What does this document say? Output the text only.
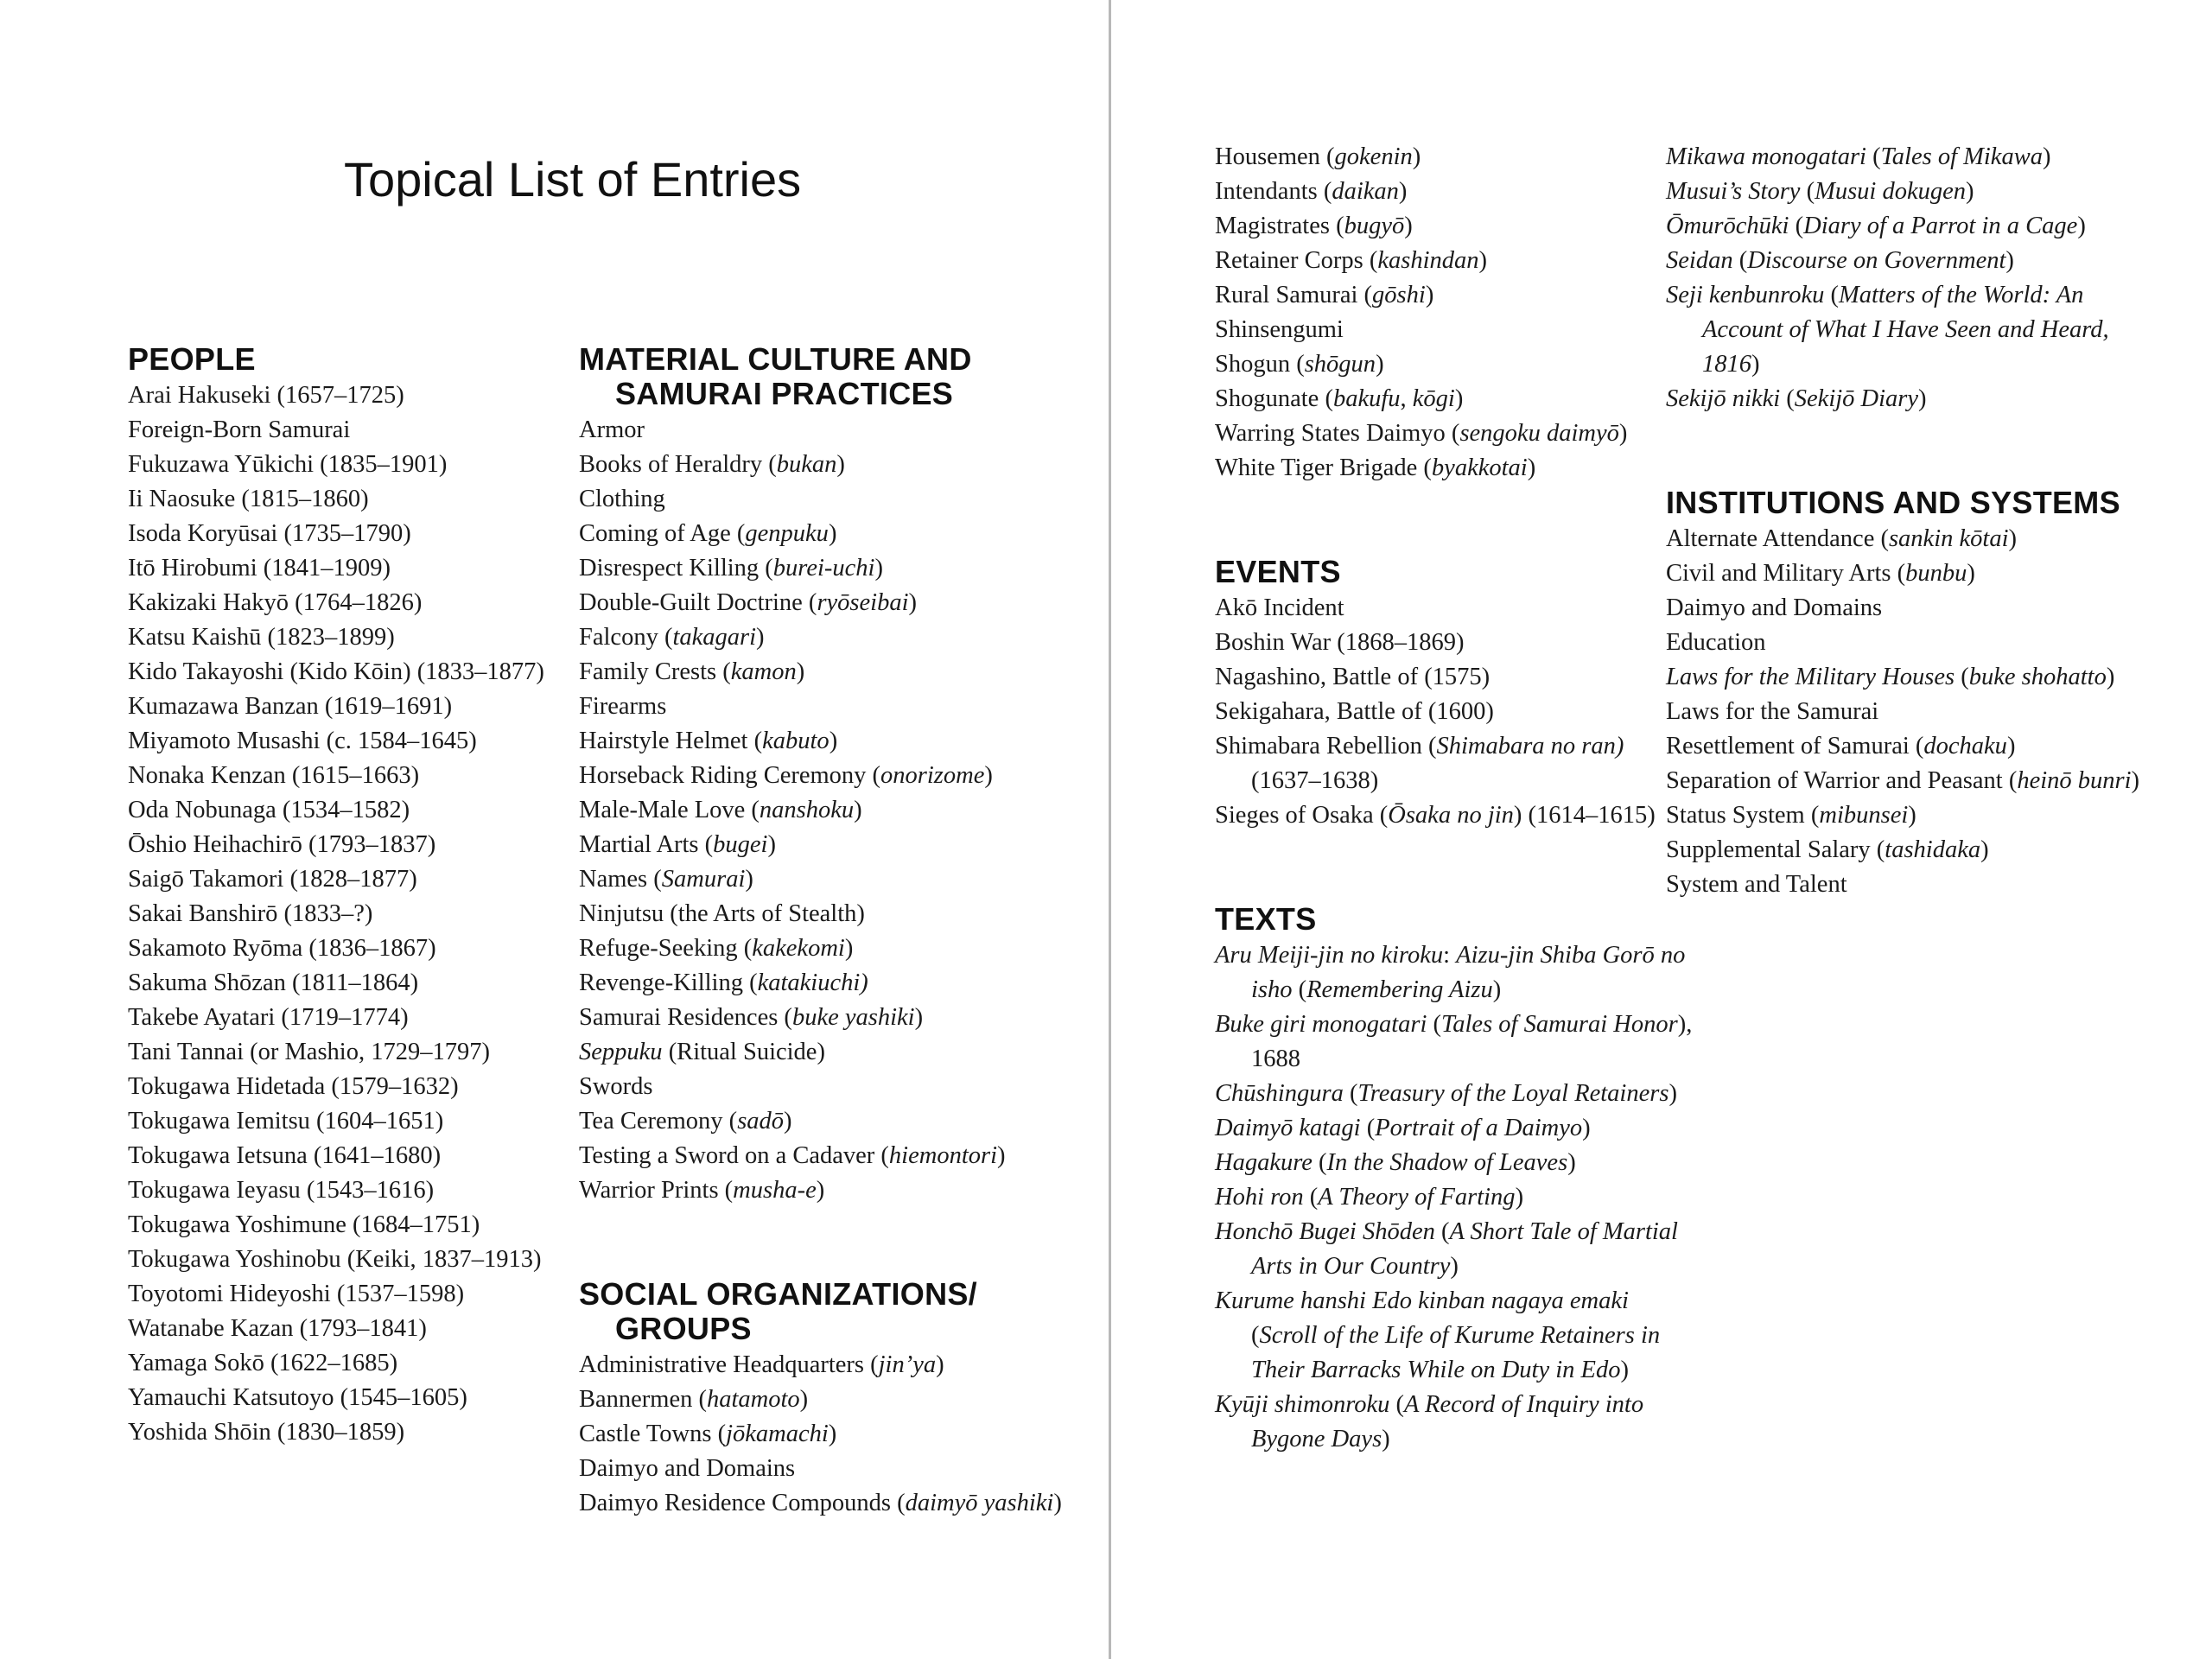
Topical List of Entries
PEOPLE
Arai Hakuseki (1657–1725)
Foreign-Born Samurai
Fukuzawa Yūkichi (1835–1901)
Ii Naosuke (1815–1860)
Isoda Koryūsai (1735–1790)
Itō Hirobumi (1841–1909)
Kakizaki Hakyō (1764–1826)
Katsu Kaishū (1823–1899)
Kido Takayoshi (Kido Kōin) (1833–1877)
Kumazawa Banzan (1619–1691)
Miyamoto Musashi (c. 1584–1645)
Nonaka Kenzan (1615–1663)
Oda Nobunaga (1534–1582)
Ōshio Heihachirō (1793–1837)
Saigō Takamori (1828–1877)
Sakai Banshirō (1833–?)
Sakamoto Ryōma (1836–1867)
Sakuma Shōzan (1811–1864)
Takebe Ayatari (1719–1774)
Tani Tannai (or Mashio, 1729–1797)
Tokugawa Hidetada (1579–1632)
Tokugawa Iemitsu (1604–1651)
Tokugawa Ietsuna (1641–1680)
Tokugawa Ieyasu (1543–1616)
Tokugawa Yoshimune (1684–1751)
Tokugawa Yoshinobu (Keiki, 1837–1913)
Toyotomi Hideyoshi (1537–1598)
Watanabe Kazan (1793–1841)
Yamaga Sokō (1622–1685)
Yamauchi Katsutoyo (1545–1605)
Yoshida Shōin (1830–1859)
MATERIAL CULTURE AND
SAMURAI PRACTICES
Armor
Books of Heraldry (bukan)
Clothing
Coming of Age (genpuku)
Disrespect Killing (burei-uchi)
Double-Guilt Doctrine (ryōseibai)
Falcony (takagari)
Family Crests (kamon)
Firearms
Hairstyle Helmet (kabuto)
Horseback Riding Ceremony (onorizome)
Male-Male Love (nanshoku)
Martial Arts (bugei)
Names (Samurai)
Ninjutsu (the Arts of Stealth)
Refuge-Seeking (kakekomi)
Revenge-Killing (katakiuchi)
Samurai Residences (buke yashiki)
Seppuku (Ritual Suicide)
Swords
Tea Ceremony (sadō)
Testing a Sword on a Cadaver (hiemontori)
Warrior Prints (musha-e)
SOCIAL ORGANIZATIONS/
GROUPS
Administrative Headquarters (jin’ya)
Bannermen (hatamoto)
Castle Towns (jōkamachi)
Daimyo and Domains
Daimyo Residence Compounds (daimyō yashiki)
Housemen (gokenin)
Intendants (daikan)
Magistrates (bugyō)
Retainer Corps (kashindan)
Rural Samurai (gōshi)
Shinsengumi
Shogun (shōgun)
Shogunate (bakufu, kōgi)
Warring States Daimyo (sengoku daimyō)
White Tiger Brigade (byakkotai)
EVENTS
Akō Incident
Boshin War (1868–1869)
Nagashino, Battle of (1575)
Sekigahara, Battle of (1600)
Shimabara Rebellion (Shimabara no ran) (1637–1638)
Sieges of Osaka (Ōsaka no jin) (1614–1615)
TEXTS
Aru Meiji-jin no kiroku: Aizu-jin Shiba Gorō no isho (Remembering Aizu)
Buke giri monogatari (Tales of Samurai Honor), 1688
Chūshingura (Treasury of the Loyal Retainers)
Daimyō katagi (Portrait of a Daimyo)
Hagakure (In the Shadow of Leaves)
Hohi ron (A Theory of Farting)
Honchō Bugei Shōden (A Short Tale of Martial Arts in Our Country)
Kurume hanshi Edo kinban nagaya emaki (Scroll of the Life of Kurume Retainers in Their Barracks While on Duty in Edo)
Kyūji shimonroku (A Record of Inquiry into Bygone Days)
Mikawa monogatari (Tales of Mikawa)
Musui’s Story (Musui dokugen)
Ōmurōchūki (Diary of a Parrot in a Cage)
Seidan (Discourse on Government)
Seji kenbunroku (Matters of the World: An Account of What I Have Seen and Heard, 1816)
Sekijō nikki (Sekijō Diary)
INSTITUTIONS AND SYSTEMS
Alternate Attendance (sankin kōtai)
Civil and Military Arts (bunbu)
Daimyo and Domains
Education
Laws for the Military Houses (buke shohatto)
Laws for the Samurai
Resettlement of Samurai (dochaku)
Separation of Warrior and Peasant (heinō bunri)
Status System (mibunsei)
Supplemental Salary (tashidaka)
System and Talent
